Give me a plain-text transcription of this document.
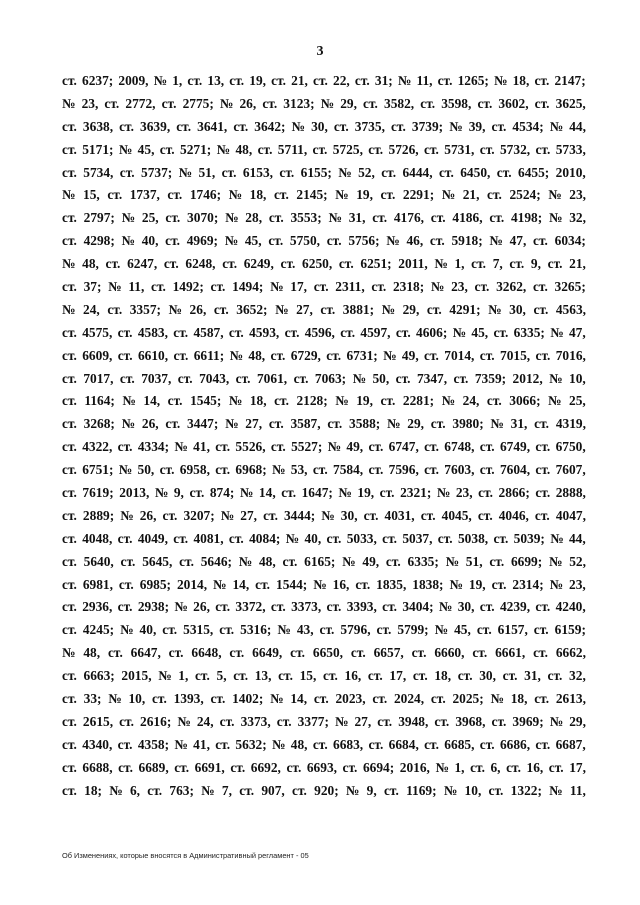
3
ст. 6237; 2009, № 1, ст. 13, ст. 19, ст. 21, ст. 22, ст. 31; № 11, ст. 1265; № 18, ст. 2147;
№ 23, ст. 2772, ст. 2775; № 26, ст. 3123; № 29, ст. 3582, ст. 3598, ст. 3602, ст. 3625,
ст. 3638, ст. 3639, ст. 3641, ст. 3642; № 30, ст. 3735, ст. 3739; № 39, ст. 4534; № 44,
ст. 5171; № 45, ст. 5271; № 48, ст. 5711, ст. 5725, ст. 5726, ст. 5731, ст. 5732, ст. 5733,
ст. 5734, ст. 5737; № 51, ст. 6153, ст. 6155; № 52, ст. 6444, ст. 6450, ст. 6455; 2010,
№ 15, ст. 1737, ст. 1746; № 18, ст. 2145; № 19, ст. 2291; № 21, ст. 2524; № 23,
ст. 2797; № 25, ст. 3070; № 28, ст. 3553; № 31, ст. 4176, ст. 4186, ст. 4198; № 32,
ст. 4298; № 40, ст. 4969; № 45, ст. 5750, ст. 5756; № 46, ст. 5918; № 47, ст. 6034;
№ 48, ст. 6247, ст. 6248, ст. 6249, ст. 6250, ст. 6251; 2011, № 1, ст. 7, ст. 9, ст. 21,
ст. 37; № 11, ст. 1492; ст. 1494; № 17, ст. 2311, ст. 2318; № 23, ст. 3262, ст. 3265;
№ 24, ст. 3357; № 26, ст. 3652; № 27, ст. 3881; № 29, ст. 4291; № 30, ст. 4563,
ст. 4575, ст. 4583, ст. 4587, ст. 4593, ст. 4596, ст. 4597, ст. 4606; № 45, ст. 6335; № 47,
ст. 6609, ст. 6610, ст. 6611; № 48, ст. 6729, ст. 6731; № 49, ст. 7014, ст. 7015, ст. 7016,
ст. 7017, ст. 7037, ст. 7043, ст. 7061, ст. 7063; № 50, ст. 7347, ст. 7359; 2012, № 10,
ст. 1164; № 14, ст. 1545; № 18, ст. 2128; № 19, ст. 2281; № 24, ст. 3066; № 25,
ст. 3268; № 26, ст. 3447; № 27, ст. 3587, ст. 3588; № 29, ст. 3980; № 31, ст. 4319,
ст. 4322, ст. 4334; № 41, ст. 5526, ст. 5527; № 49, ст. 6747, ст. 6748, ст. 6749, ст. 6750,
ст. 6751; № 50, ст. 6958, ст. 6968; № 53, ст. 7584, ст. 7596, ст. 7603, ст. 7604, ст. 7607,
ст. 7619; 2013, № 9, ст. 874; № 14, ст. 1647; № 19, ст. 2321; № 23, ст. 2866; ст. 2888,
ст. 2889; № 26, ст. 3207; № 27, ст. 3444; № 30, ст. 4031, ст. 4045, ст. 4046, ст. 4047,
ст. 4048, ст. 4049, ст. 4081, ст. 4084; № 40, ст. 5033, ст. 5037, ст. 5038, ст. 5039; № 44,
ст. 5640, ст. 5645, ст. 5646; № 48, ст. 6165; № 49, ст. 6335; № 51, ст. 6699; № 52,
ст. 6981, ст. 6985; 2014, № 14, ст. 1544; № 16, ст. 1835, 1838; № 19, ст. 2314; № 23,
ст. 2936, ст. 2938; № 26, ст. 3372, ст. 3373, ст. 3393, ст. 3404; № 30, ст. 4239, ст. 4240,
ст. 4245; № 40, ст. 5315, ст. 5316; № 43, ст. 5796, ст. 5799; № 45, ст. 6157, ст. 6159;
№ 48, ст. 6647, ст. 6648, ст. 6649, ст. 6650, ст. 6657, ст. 6660, ст. 6661, ст. 6662,
ст. 6663; 2015, № 1, ст. 5, ст. 13, ст. 15, ст. 16, ст. 17, ст. 18, ст. 30, ст. 31, ст. 32,
ст. 33; № 10, ст. 1393, ст. 1402; № 14, ст. 2023, ст. 2024, ст. 2025; № 18, ст. 2613,
ст. 2615, ст. 2616; № 24, ст. 3373, ст. 3377; № 27, ст. 3948, ст. 3968, ст. 3969; № 29,
ст. 4340, ст. 4358; № 41, ст. 5632; № 48, ст. 6683, ст. 6684, ст. 6685, ст. 6686, ст. 6687,
ст. 6688, ст. 6689, ст. 6691, ст. 6692, ст. 6693, ст. 6694; 2016, № 1, ст. 6, ст. 16, ст. 17,
ст. 18; № 6, ст. 763; № 7, ст. 907, ст. 920; № 9, ст. 1169; № 10, ст. 1322; № 11,
Об Изменениях, которые вносятся в Административный регламент - 05
